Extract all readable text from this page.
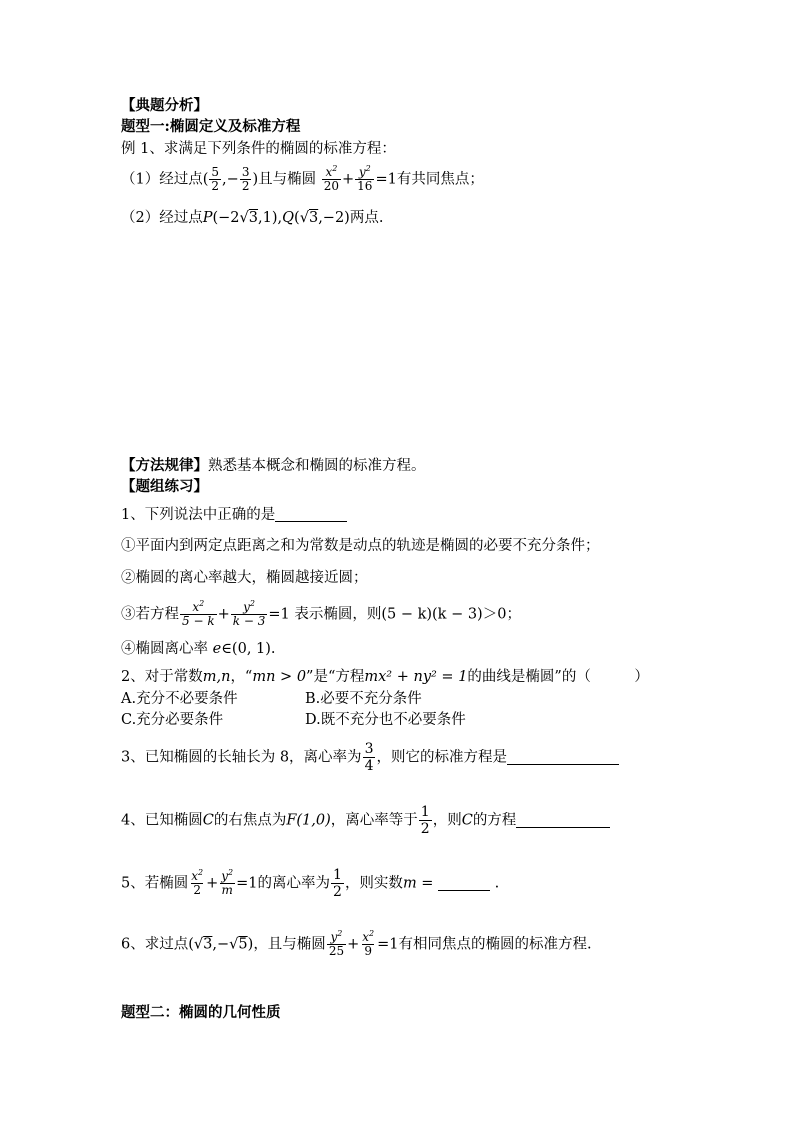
【典题分析】
题型一:椭圆定义及标准方程
例 1、求满足下列条件的椭圆的标准方程：
（1）经过点( $\frac{5}{2}$ ,− $\frac{3}{2}$ )且与椭圆 $\frac{x^2}{20} + \frac{y^2}{16} =1$有共同焦点；
（2）经过点P(−2√3,1),Q(√3,−2)两点.
【方法规律】熟悉基本概念和椭圆的标准方程。
【题组练习】
1、下列说法中正确的是
①平面内到两定点距离之和为常数是动点的轨迹是椭圆的必要不充分条件；
②椭圆的离心率越大，椭圆越接近圆；
③若方程 $\frac{x^2}{5 - k} + \frac{y^2}{k - 3} =1$ 表示椭圆，则(5 − k)(k − 3)＞0；
④椭圆离心率 e∈(0, 1).
2、对于常数m,n，“mn > 0”是“方程mx² + ny² = 1的曲线是椭圆”的（　　　）
A.充分不必要条件	B.必要不充分条件
C.充分必要条件	D.既不充分也不必要条件
3、已知椭圆的长轴长为 8，离心率为 $\frac{3}{4}$ ，则它的标准方程是
4、已知椭圆C的右焦点为F(1,0)，离心率等于 $\frac{1}{2}$ ，则C的方程
5、若椭圆 $\frac{x^2}{2} + \frac{y^2}{m} =1$的离心率为 $\frac{1}{2}$ ，则实数m =	.
6、求过点(√3,−√5)，且与椭圆 $\frac{y^2}{25} + \frac{x^2}{9} =1$有相同焦点的椭圆的标准方程.
题型二：椭圆的几何性质
